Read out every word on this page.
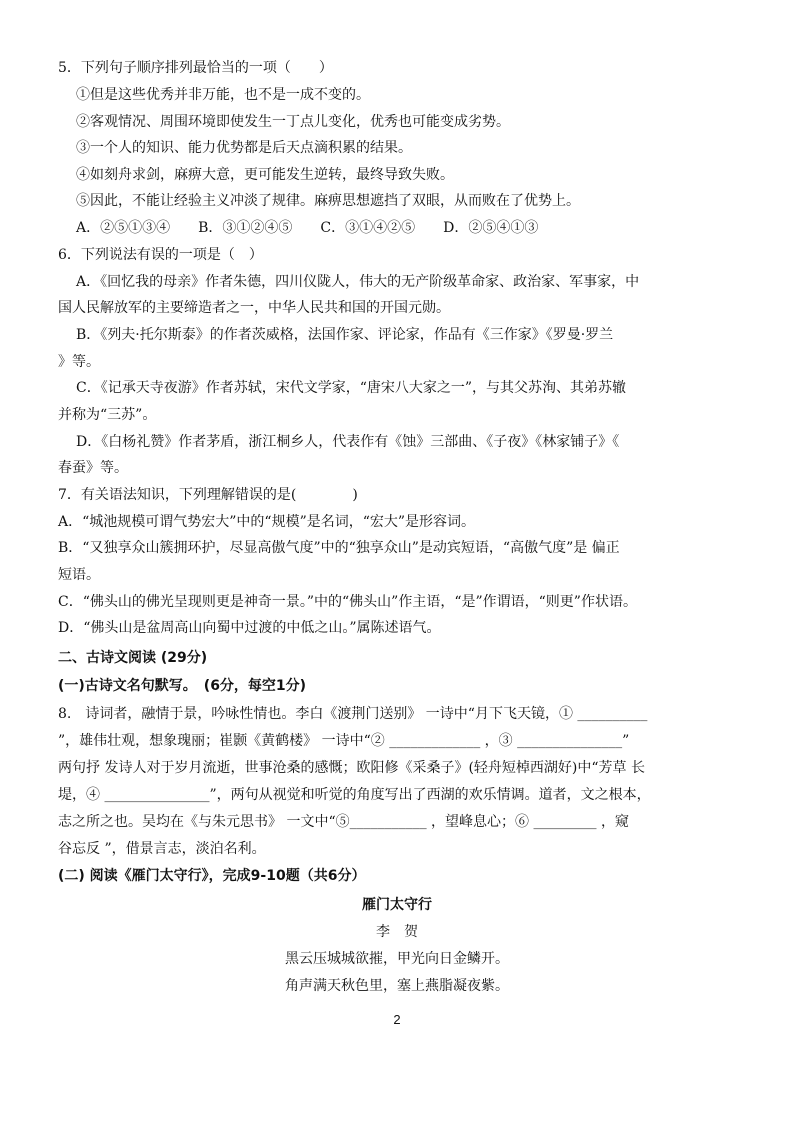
5．下列句子顺序排列最恰当的一项（　　）
①但是这些优秀并非万能，也不是一成不变的。
②客观情况、周围环境即使发生一丁点儿变化，优秀也可能变成劣势。
③一个人的知识、能力优势都是后天点滴积累的结果。
④如刻舟求剑，麻痹大意，更可能发生逆转，最终导致失败。
⑤因此，不能让经验主义冲淡了规律。麻痹思想遮挡了双眼，从而败在了优势上。
A．②⑤①③④　　B．③①②④⑤　　C．③①④②⑤　　D．②⑤④①③
6．下列说法有误的一项是（　）
A．《回忆我的母亲》作者朱德，四川仪陇人，伟大的无产阶级革命家、政治家、军事家，中
国人民解放军的主要缔造者之一，中华人民共和国的开国元勋。
B．《列夫·托尔斯泰》的作者茨威格，法国作家、评论家，作品有《三作家》《罗曼·罗兰
》等。
C．《记承天寺夜游》作者苏轼，宋代文学家，“唐宋八大家之一”，与其父苏洵、其弟苏辙
并称为“三苏”。
D．《白杨礼赞》作者茅盾，浙江桐乡人，代表作有《蚀》三部曲、《子夜》《林家铺子》《
春蚕》等。
7．有关语法知识，下列理解错误的是(　　　　)
A．“城池规模可谓气势宏大”中的“规模”是名词，“宏大”是形容词。
B．“又独享众山簇拥环护，尽显高傲气度”中的“独享众山”是动宾短语，“高傲气度”是 偏正
短语。
C．“佛头山的佛光呈现则更是神奇一景。”中的“佛头山”作主语，“是”作谓语，“则更”作状语。
D．“佛头山是盆周高山向蜀中过渡的中低之山。”属陈述语气。
二、古诗文阅读 (29分)
(一)古诗文名句默写。　(6分，每空1分)
8.　诗词者，融情于景，吟咏性情也。李白《渡荆门送别》 一诗中“月下飞天镜，① __________
”，雄伟壮观，想象瑰丽；崔颢《黄鹤楼》 一诗中“② _____________ ，③ _______________”
两句抒 发诗人对于岁月流逝，世事沧桑的感慨；欧阳修《采桑子》(轻舟短棹西湖好)中“芳草 长
堤，④ _______________”，两句从视觉和听觉的角度写出了西湖的欢乐情调。道者，文之根本，
志之所之也。吴均在《与朱元思书》 一文中“⑤___________ ，望峰息心；⑥ _________ ，窥
谷忘反 ”，借景言志，淡泊名利。
(二) 阅读《雁门太守行》，完成9-10题（共6分）
雁门太守行
李　贺
黑云压城城欲摧，甲光向日金鳞开。
角声满天秋色里，塞上燕脂凝夜紫。
2
